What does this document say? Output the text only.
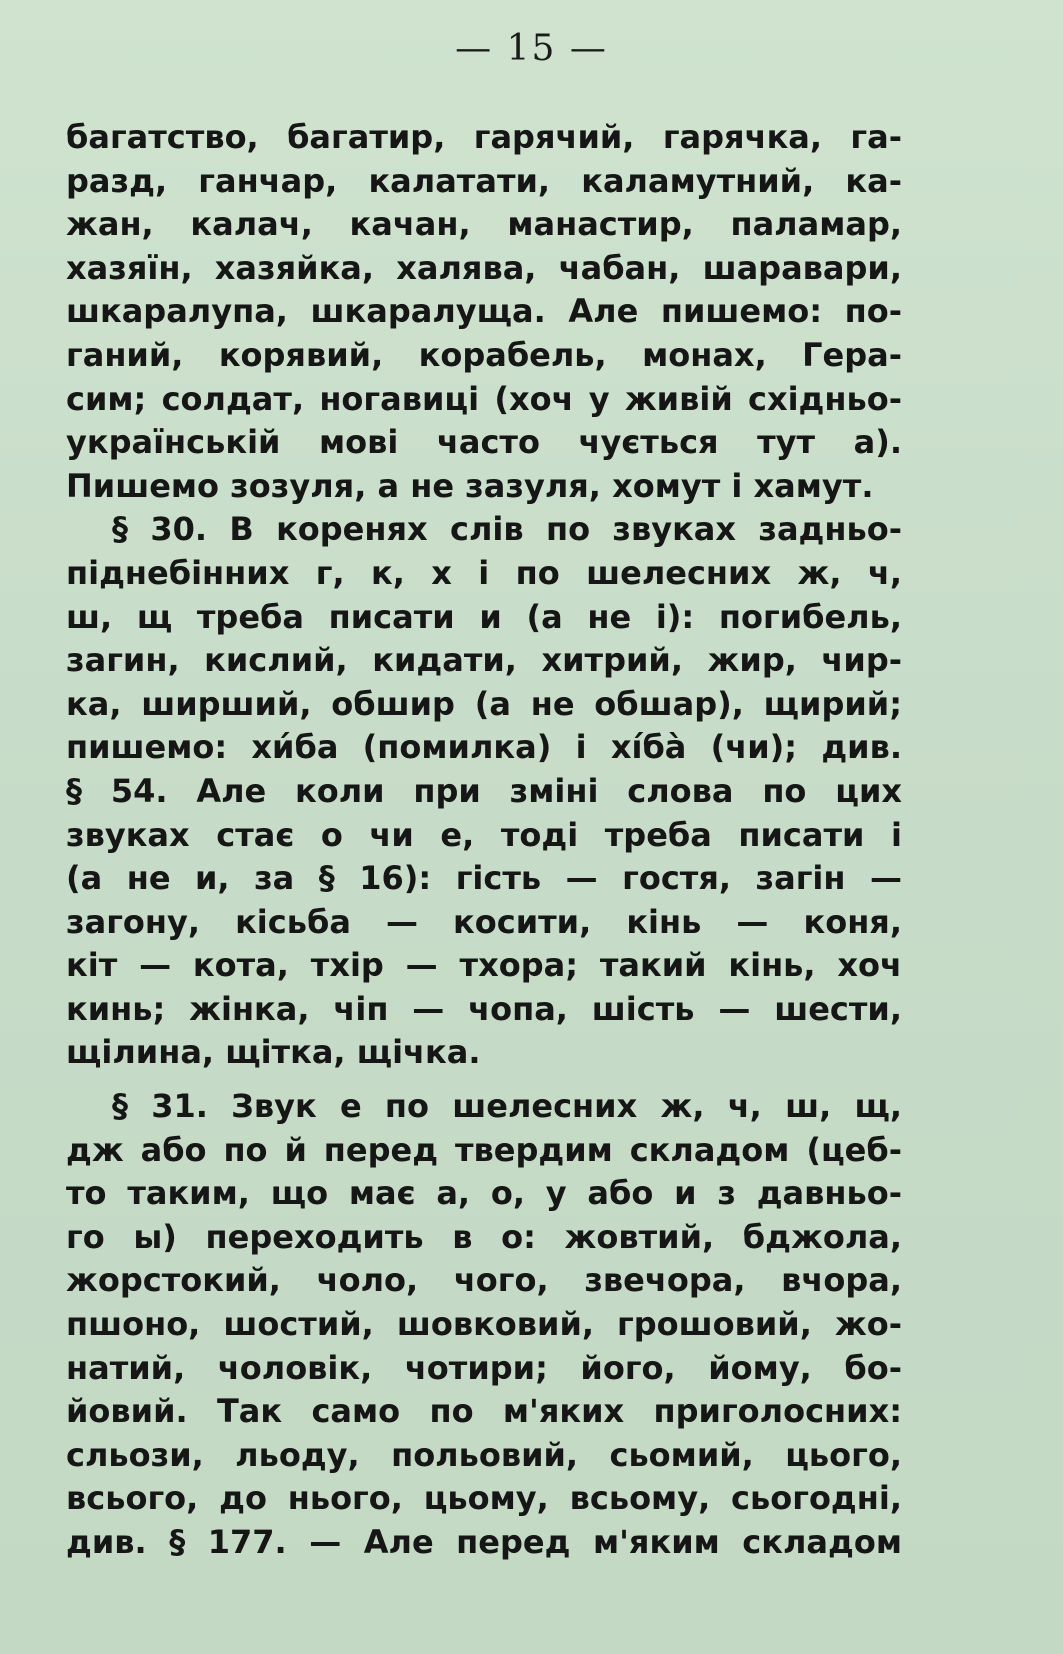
— 15 —
багатство, багатир, гарячий, гарячка, га-
разд, ганчар, калатати, каламутний, ка-
жан, калач, качан, манастир, паламар,
хазяїн, хазяйка, халява, чабан, шаравари,
шкаралупа, шкаралуща. Але пишемо: по-
ганий, корявий, корабель, монах, Гера-
сим; солдат, ногавиці (хоч у живій східньо-
українській мові часто чується тут а).
Пишемо зозуля, а не зазуля, хомут і хамут.
§ 30. В коренях слів по звуках задньо-
піднебінних г, к, х і по шелесних ж, ч,
ш, щ треба писати и (а не і): погибель,
загин, кислий, кидати, хитрий, жир, чир-
ка, ширший, обшир (а не обшар), щирий;
пишемо: хи́ба (помилка) і хі́ба̀ (чи); див.
§ 54. Але коли при зміні слова по цих
звуках стає о чи е, тоді треба писати і
(а не и, за § 16): гість — гостя, загін —
загону, кісьба — косити, кінь — коня,
кіт — кота, тхір — тхора; такий кінь, хоч
кинь; жінка, чіп — чопа, шість — шести,
щілина, щітка, щічка.
§ 31. Звук е по шелесних ж, ч, ш, щ,
дж або по й перед твердим складом (цеб-
то таким, що має а, о, у або и з давньо-
го ы) переходить в о: жовтий, бджола,
жорстокий, чоло, чого, звечора, вчора,
пшоно, шостий, шовковий, грошовий, жо-
натий, чоловік, чотири; його, йому, бо-
йовий. Так само по м'яких приголосних:
сльози, льоду, польовий, сьомий, цього,
всього, до нього, цьому, всьому, сьогодні,
див. § 177. — Але перед м'яким складом
